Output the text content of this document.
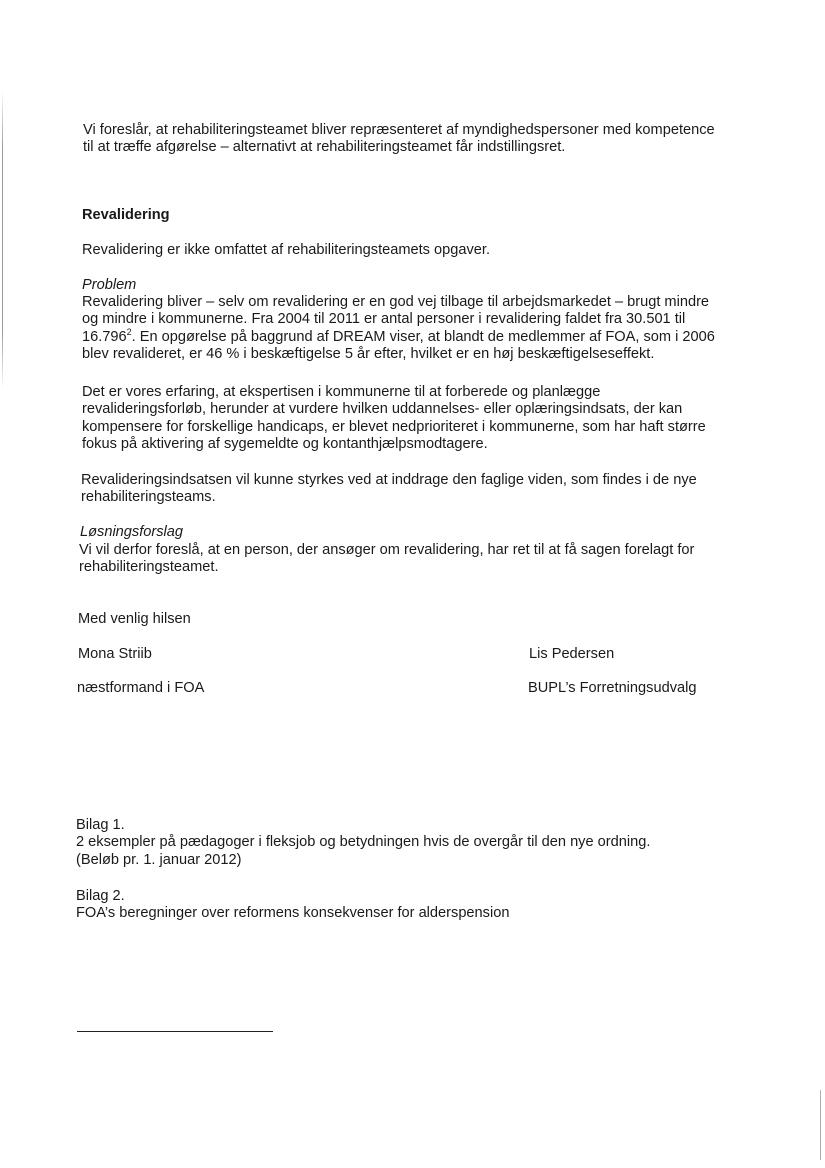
Vi foreslår, at rehabiliteringsteamet bliver repræsenteret af myndighedspersoner med kompetence

til at træffe afgørelse – alternativt at rehabiliteringsteamet får indstillingsret.

Revalidering
Revalidering er ikke omfattet af rehabiliteringsteamets opgaver.
Problem

Revalidering bliver – selv om revalidering er en god vej tilbage til arbejdsmarkedet – brugt mindre

og mindre i kommunerne. Fra 2004 til 2011 er antal personer i revalidering faldet fra 30.501 til

16.796$^2$. En opgørelse på baggrund af DREAM viser, at blandt de medlemmer af FOA, som i 2006

blev revalideret, er 46 % i beskæftigelse 5 år efter, hvilket er en høj beskæftigelseseffekt.

Det er vores erfaring, at ekspertisen i kommunerne til at forberede og planlægge

revalideringsforløb, herunder at vurdere hvilken uddannelses- eller oplæringsindsats, der kan

kompensere for forskellige handicaps, er blevet nedprioriteret i kommunerne, som har haft større

fokus på aktivering af sygemeldte og kontanthjælpsmodtagere.

Revalideringsindsatsen vil kunne styrkes ved at inddrage den faglige viden, som findes i de nye

rehabiliteringsteams.

Løsningsforslag

Vi vil derfor foreslå, at en person, der ansøger om revalidering, har ret til at få sagen forelagt for

rehabiliteringsteamet.

Med venlig hilsen
Mona Striib
næstformand i FOA
Lis Pedersen
BUPL’s Forretningsudvalg

Bilag 1.

2 eksempler på pædagoger i fleksjob og betydningen hvis de overgår til den nye ordning.

(Beløb pr. 1. januar 2012)

Bilag 2.

FOA’s beregninger over reformens konsekvenser for alderspension
